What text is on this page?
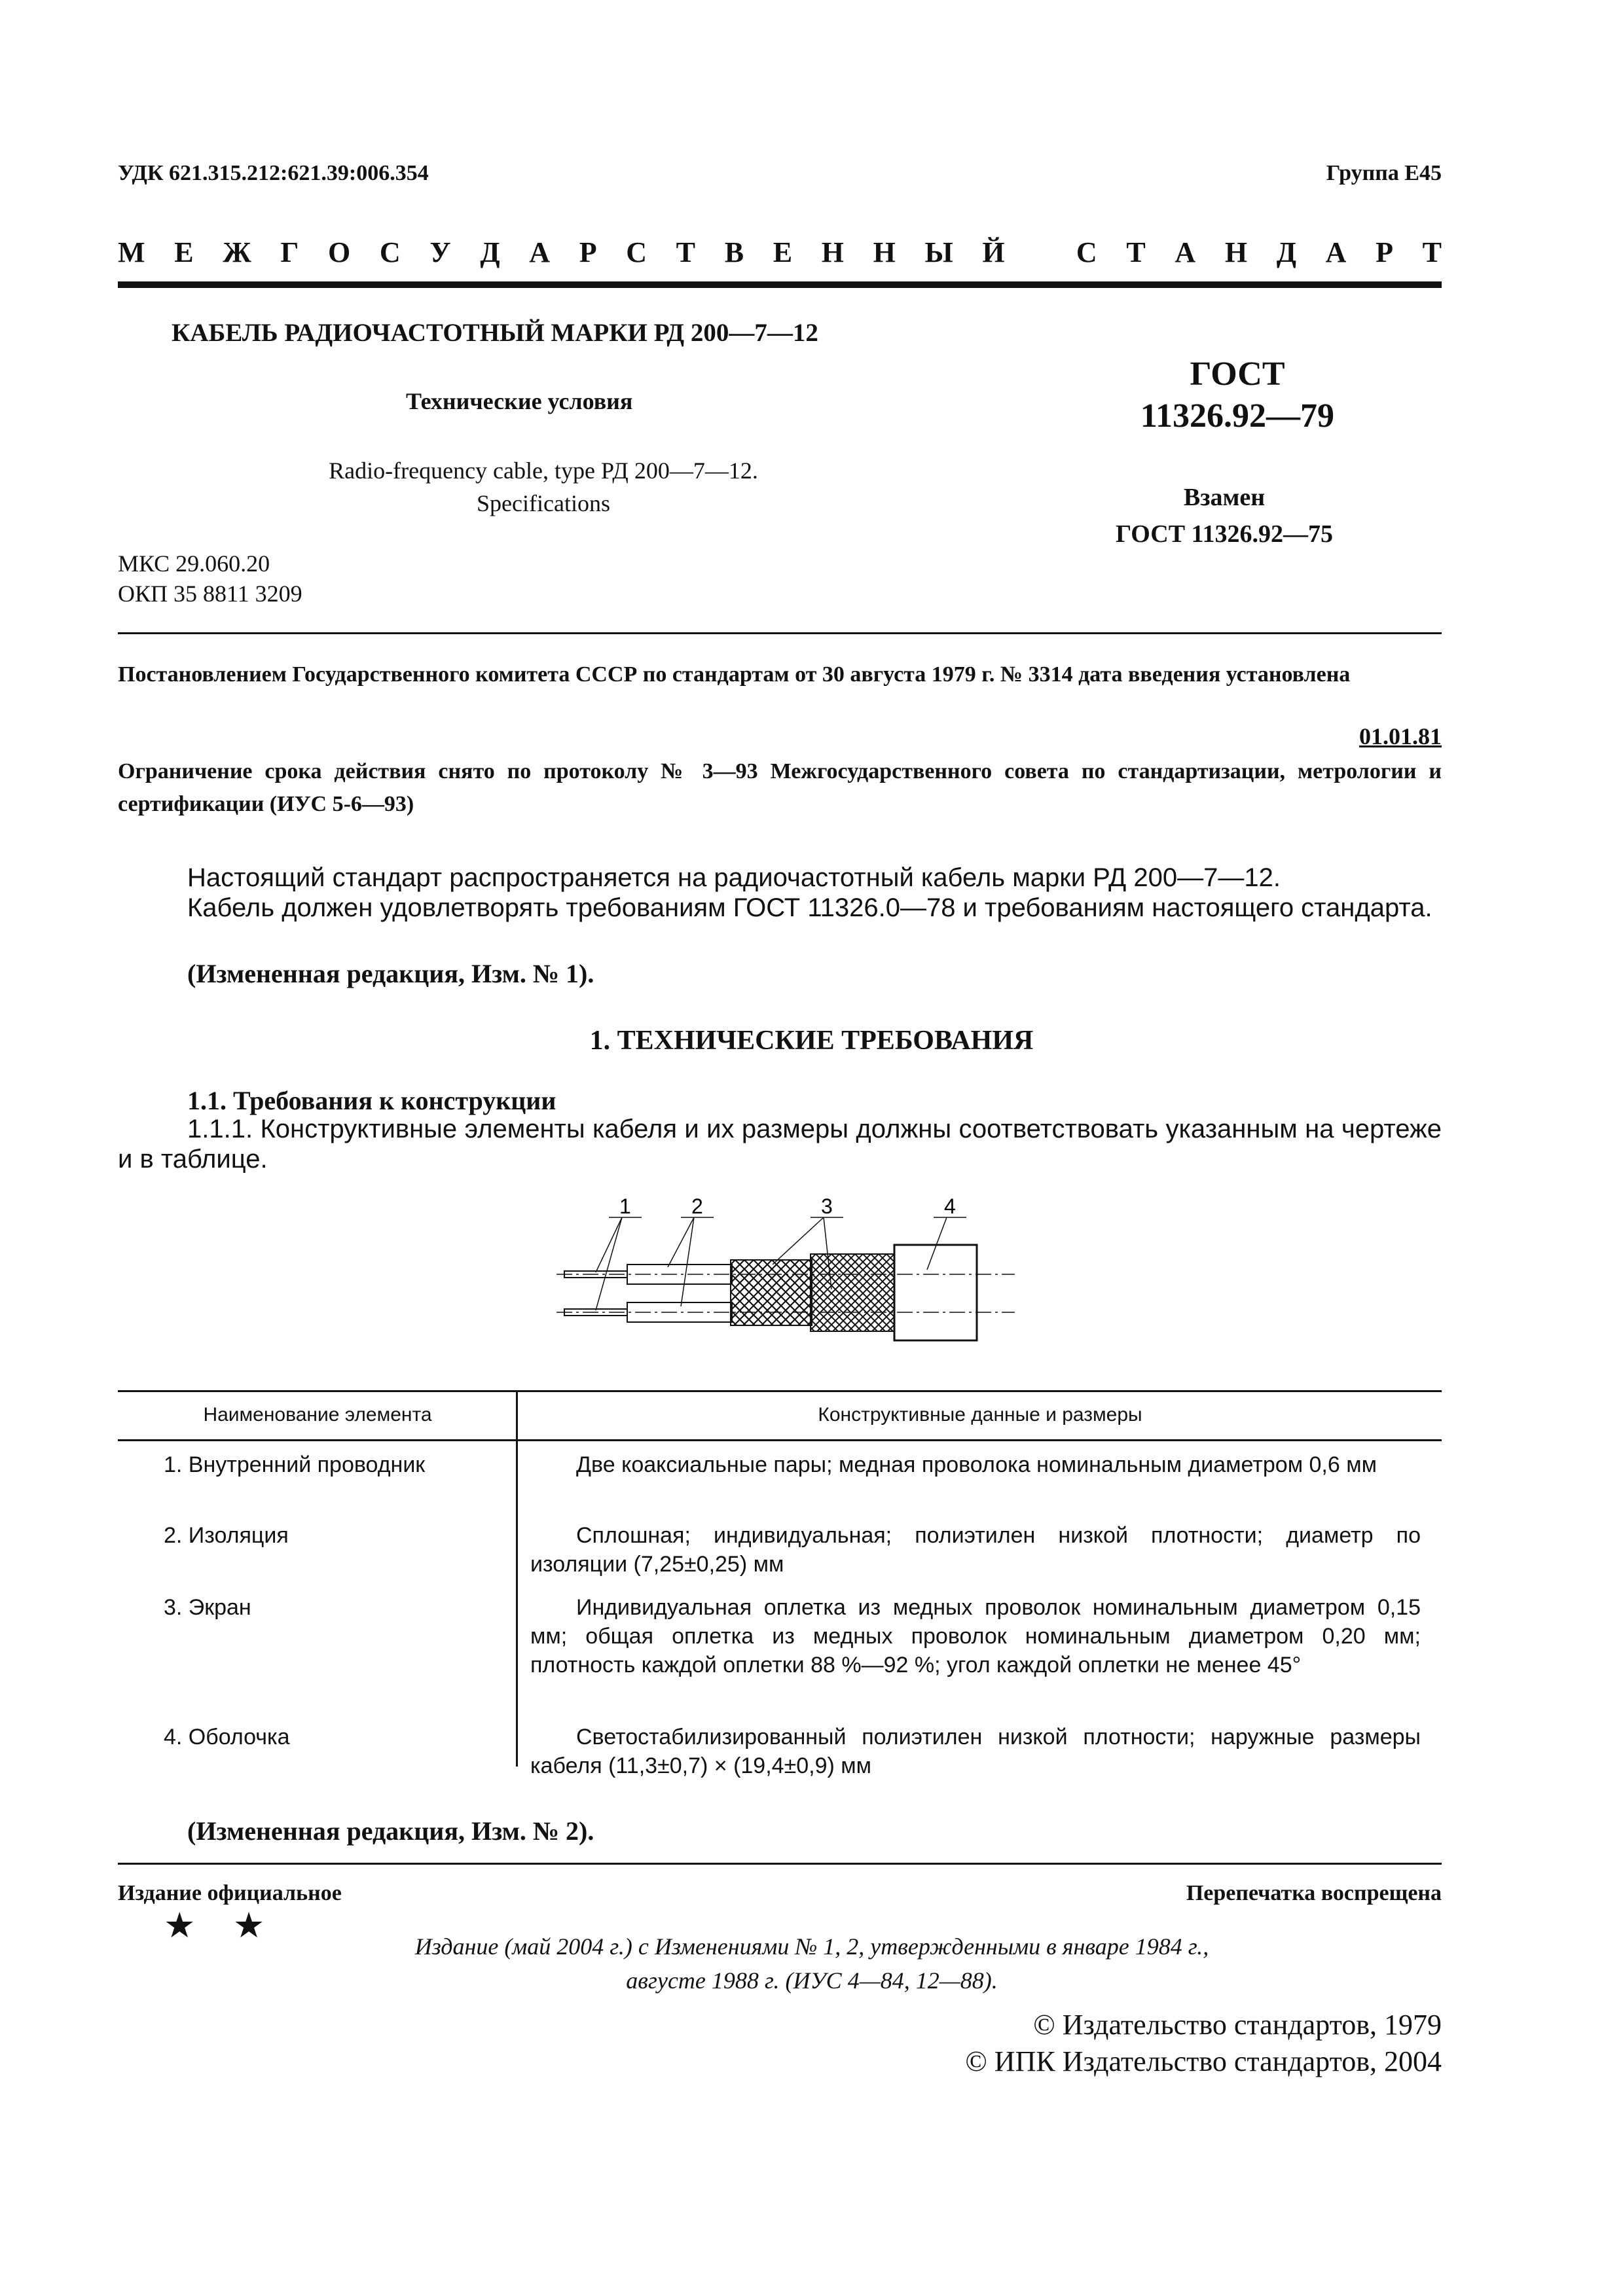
УДК 621.315.212:621.39:006.354	Группа Е45
М Е Ж Г О С У Д А Р С Т В Е Н Н Ы Й С Т А Н Д А Р Т
КАБЕЛЬ РАДИОЧАСТОТНЫЙ МАРКИ РД 200—7—12
Технические условия
Radio-frequency cable, type РД 200—7—12.
Specifications
ГОСТ
11326.92—79
Взамен
ГОСТ 11326.92—75
МКС 29.060.20
ОКП 35 8811 3209
Постановлением Государственного комитета СССР по стандартам от 30 августа 1979 г. № 3314 дата введения установлена
01.01.81
Ограничение срока действия снято по протоколу № 3—93 Межгосударственного совета по стандартизации, метрологии и сертификации (ИУС 5-6—93)

Настоящий стандарт распространяется на радиочастотный кабель марки РД 200—7—12.

Кабель должен удовлетворять требованиям ГОСТ 11326.0—78 и требованиям настоящего стандарта.

(Измененная редакция, Изм. № 1).
1. ТЕХНИЧЕСКИЕ ТРЕБОВАНИЯ
1.1. Требования к конструкции
1.1.1. Конструктивные элементы кабеля и их размеры должны соответствовать указанным на чертеже и в таблице.
1	2	3	4
Наименование элемента	Конструктивные данные и размеры
1. Внутренний проводник	Две коаксиальные пары; медная проволока номинальным диаметром 0,6 мм
2. Изоляция	Сплошная; индивидуальная; полиэтилен низкой плотности; диаметр по изоляции (7,25±0,25) мм
3. Экран	Индивидуальная оплетка из медных проволок номинальным диаметром 0,15 мм; общая оплетка из медных проволок номинальным диаметром 0,20 мм; плотность каждой оплетки 88 %—92 %; угол каждой оплетки не менее 45°
4. Оболочка	Светостабилизированный полиэтилен низкой плотности; наружные размеры кабеля (11,3±0,7) × (19,4±0,9) мм
(Измененная редакция, Изм. № 2).
Издание официальное	Перепечатка воспрещена
★ ★
Издание (май 2004 г.) с Изменениями № 1, 2, утвержденными в январе 1984 г.,
августе 1988 г. (ИУС 4—84, 12—88).
© Издательство стандартов, 1979
© ИПК Издательство стандартов, 2004
